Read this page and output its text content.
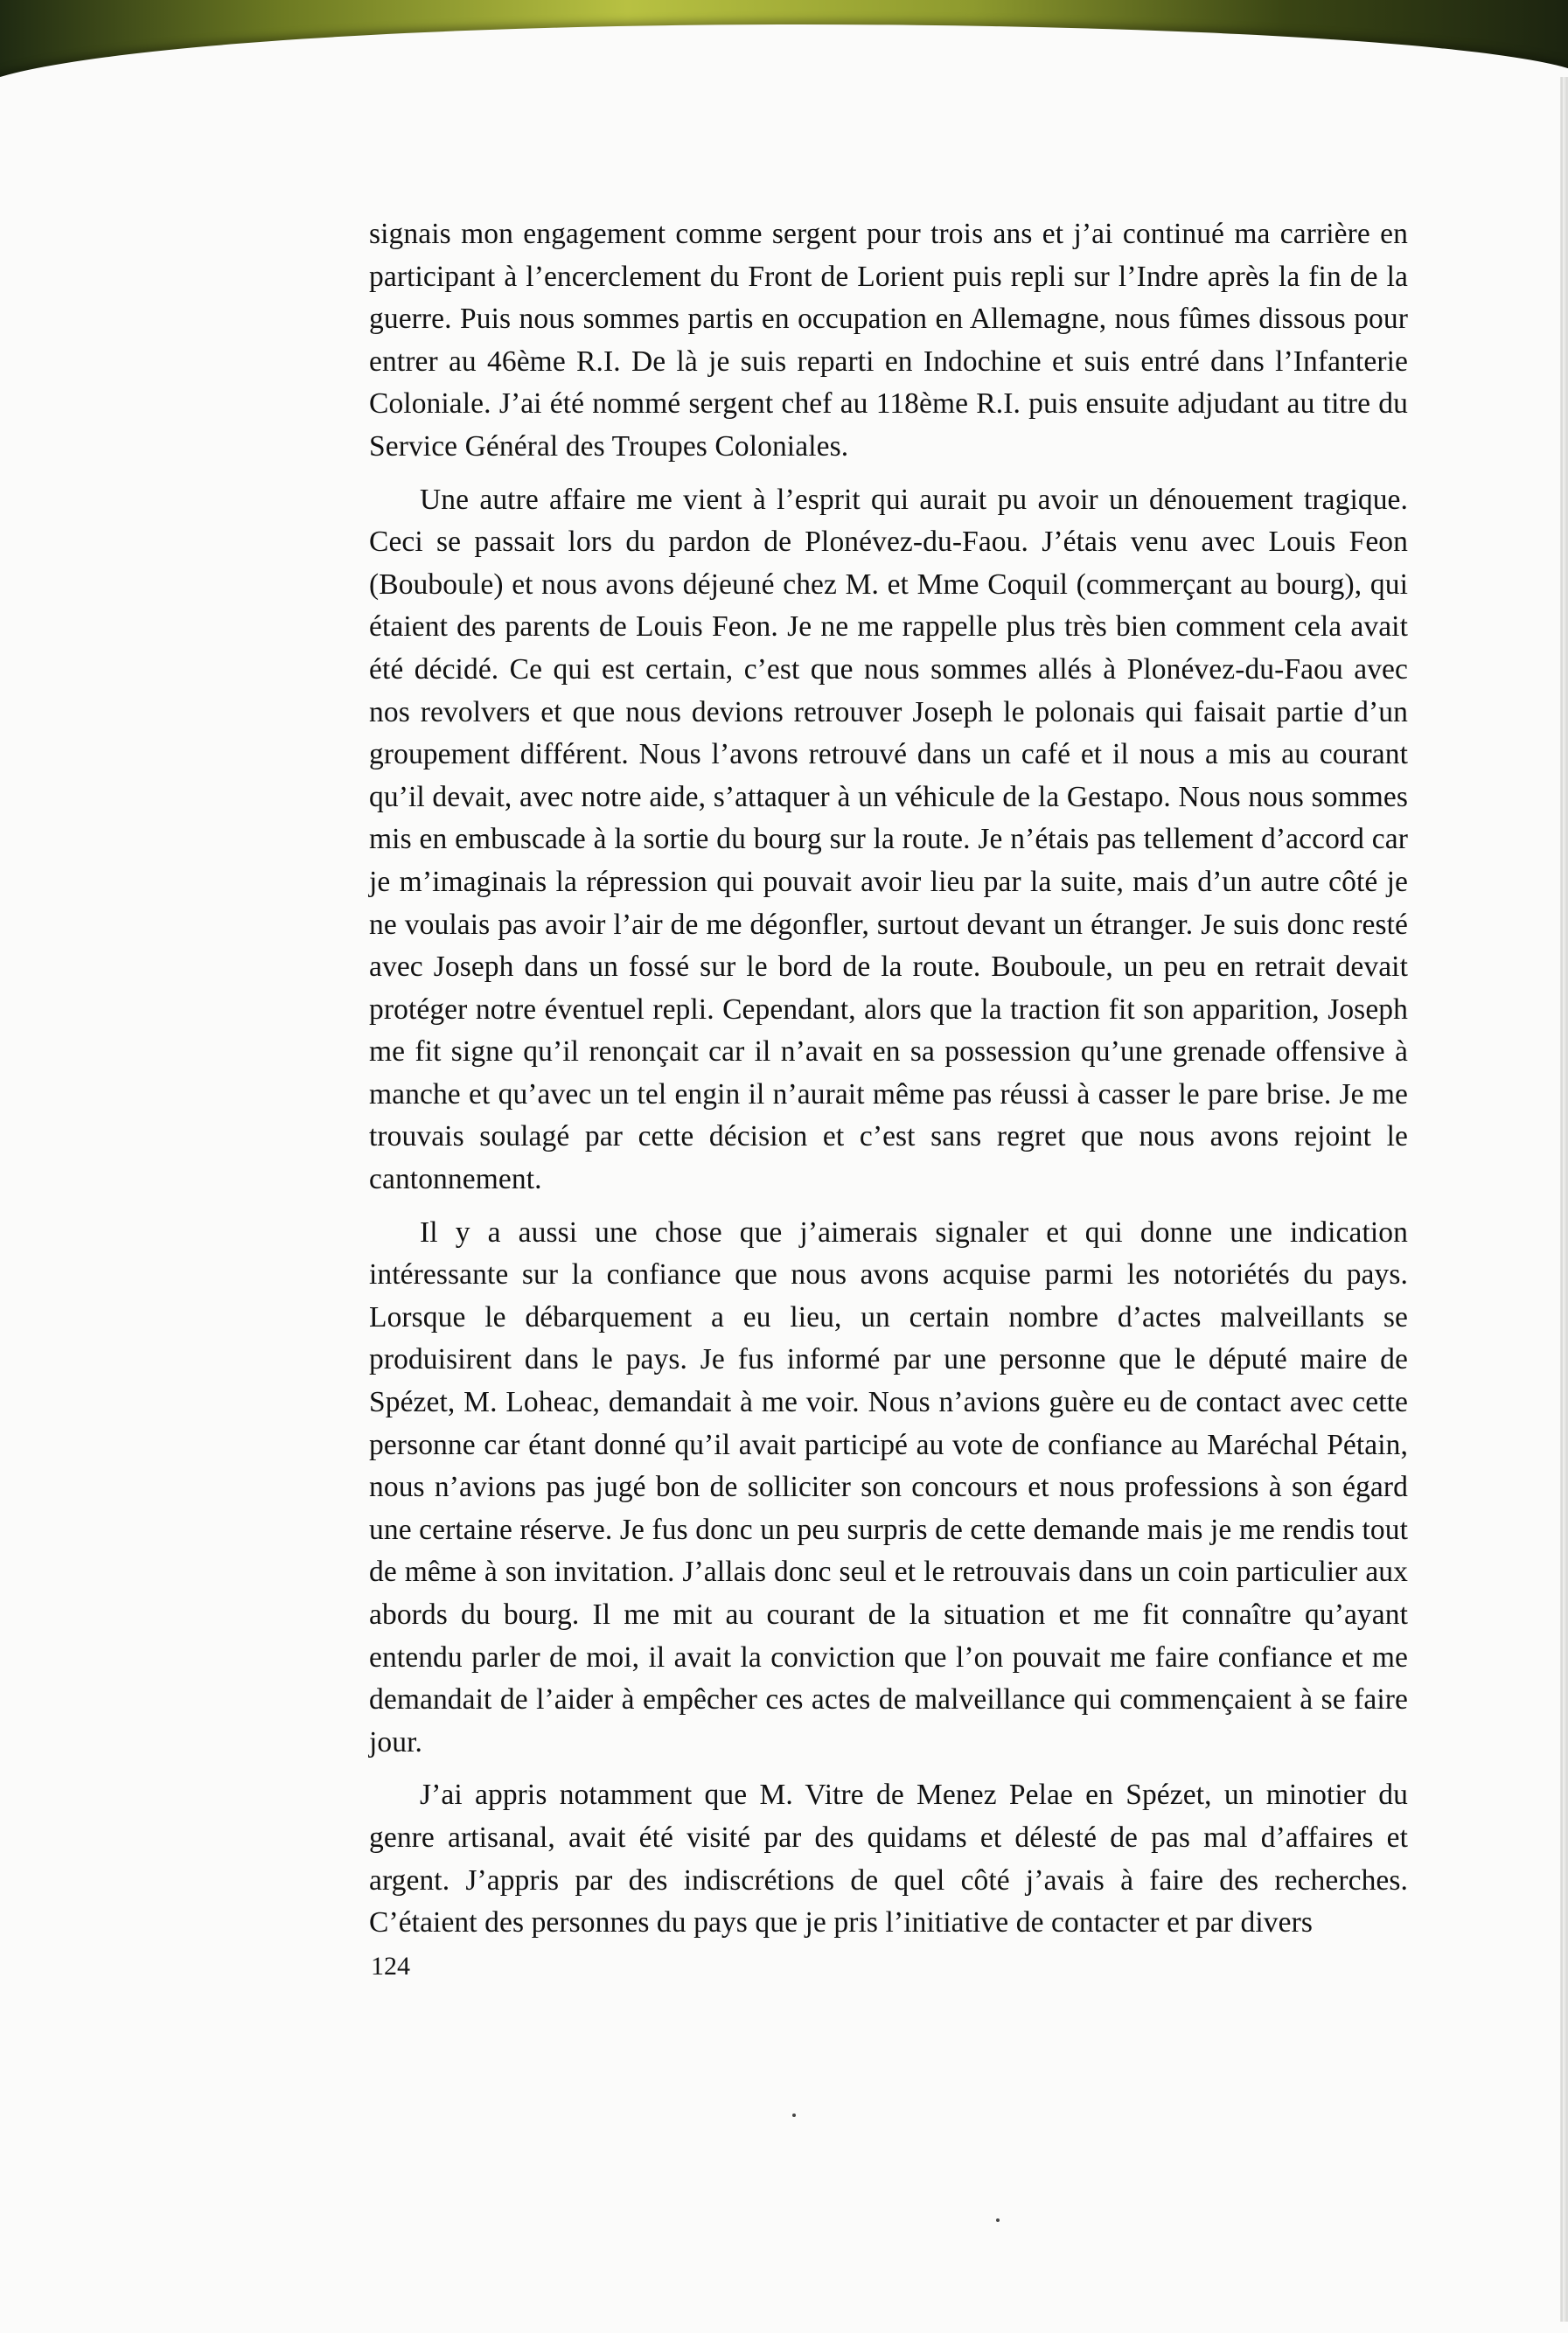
signais mon engagement comme sergent pour trois ans et j’ai continué ma carrière en participant à l’encerclement du Front de Lorient puis repli sur l’Indre après la fin de la guerre. Puis nous sommes partis en occupation en Allemagne, nous fûmes dissous pour entrer au 46ème R.I. De là je suis reparti en Indochine et suis entré dans l’Infanterie Coloniale. J’ai été nommé sergent chef au 118ème R.I. puis ensuite adjudant au titre du Service Général des Troupes Coloniales.

Une autre affaire me vient à l’esprit qui aurait pu avoir un dénouement tragique. Ceci se passait lors du pardon de Plonévez-du-Faou. J’étais venu avec Louis Feon (Bouboule) et nous avons déjeuné chez M. et Mme Coquil (commerçant au bourg), qui étaient des parents de Louis Feon. Je ne me rappelle plus très bien comment cela avait été décidé. Ce qui est certain, c’est que nous sommes allés à Plonévez-du-Faou avec nos revolvers et que nous devions retrouver Joseph le polonais qui faisait partie d’un groupement différent. Nous l’avons retrouvé dans un café et il nous a mis au courant qu’il devait, avec notre aide, s’attaquer à un véhicule de la Gestapo. Nous nous sommes mis en embuscade à la sortie du bourg sur la route. Je n’étais pas tellement d’accord car je m’imaginais la répression qui pouvait avoir lieu par la suite, mais d’un autre côté je ne voulais pas avoir l’air de me dégonfler, surtout devant un étranger. Je suis donc resté avec Joseph dans un fossé sur le bord de la route. Bouboule, un peu en retrait devait protéger notre éventuel repli. Cependant, alors que la traction fit son apparition, Joseph me fit signe qu’il renonçait car il n’avait en sa possession qu’une grenade offensive à manche et qu’avec un tel engin il n’aurait même pas réussi à casser le pare brise. Je me trouvais soulagé par cette décision et c’est sans regret que nous avons rejoint le cantonnement.

Il y a aussi une chose que j’aimerais signaler et qui donne une indication intéressante sur la confiance que nous avons acquise parmi les notoriétés du pays. Lorsque le débarquement a eu lieu, un certain nombre d’actes malveillants se produisirent dans le pays. Je fus informé par une personne que le député maire de Spézet, M. Loheac, demandait à me voir. Nous n’avions guère eu de contact avec cette personne car étant donné qu’il avait participé au vote de confiance au Maréchal Pétain, nous n’avions pas jugé bon de solliciter son concours et nous professions à son égard une certaine réserve. Je fus donc un peu surpris de cette demande mais je me rendis tout de même à son invitation. J’allais donc seul et le retrouvais dans un coin particulier aux abords du bourg. Il me mit au courant de la situation et me fit connaître qu’ayant entendu parler de moi, il avait la conviction que l’on pouvait me faire confiance et me demandait de l’aider à empêcher ces actes de malveillance qui commençaient à se faire jour.

J’ai appris notamment que M. Vitre de Menez Pelae en Spézet, un minotier du genre artisanal, avait été visité par des quidams et délesté de pas mal d’affaires et argent. J’appris par des indiscrétions de quel côté j’avais à faire des recherches. C’étaient des personnes du pays que je pris l’initiative de contacter et par divers

124
